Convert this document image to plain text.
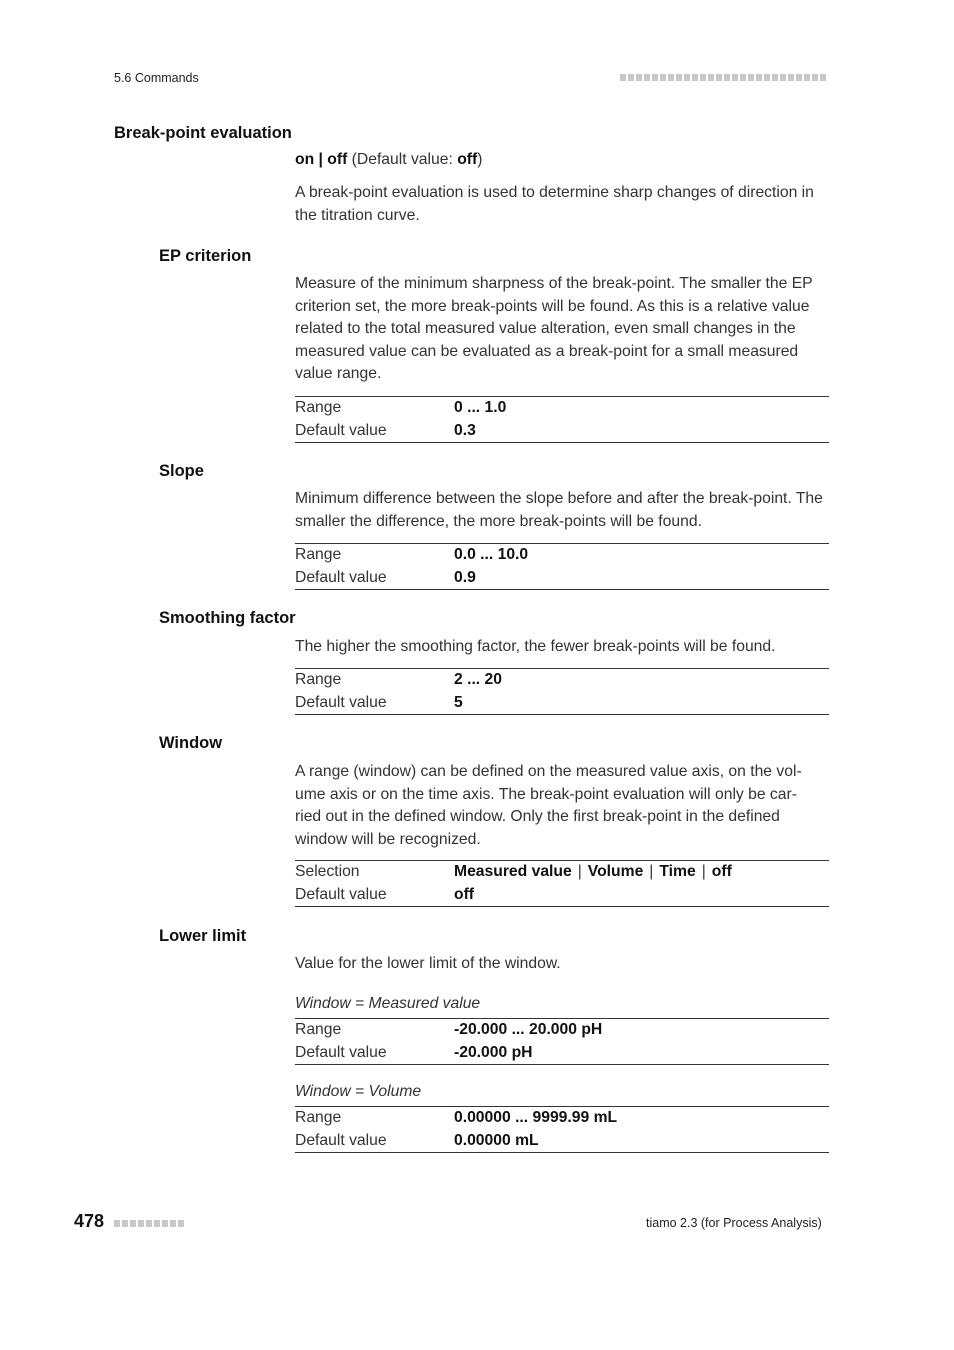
5.6 Commands
Break-point evaluation
on | off (Default value: off)
A break-point evaluation is used to determine sharp changes of direction in the titration curve.
EP criterion
Measure of the minimum sharpness of the break-point. The smaller the EP criterion set, the more break-points will be found. As this is a relative value related to the total measured value alteration, even small changes in the measured value can be evaluated as a break-point for a small measured value range.
Range	0 ... 1.0
Default value	0.3
Slope
Minimum difference between the slope before and after the break-point. The smaller the difference, the more break-points will be found.
Range	0.0 ... 10.0
Default value	0.9
Smoothing factor
The higher the smoothing factor, the fewer break-points will be found.
Range	2 ... 20
Default value	5
Window
A range (window) can be defined on the measured value axis, on the vol-
ume axis or on the time axis. The break-point evaluation will only be car-
ried out in the defined window. Only the first break-point in the defined
window will be recognized.
Selection	Measured value | Volume | Time | off
Default value	off
Lower limit
Value for the lower limit of the window.
Window = Measured value
Range	-20.000 ... 20.000 pH
Default value	-20.000 pH
Window = Volume
Range	0.00000 ... 9999.99 mL
Default value	0.00000 mL
478	tiamo 2.3 (for Process Analysis)
